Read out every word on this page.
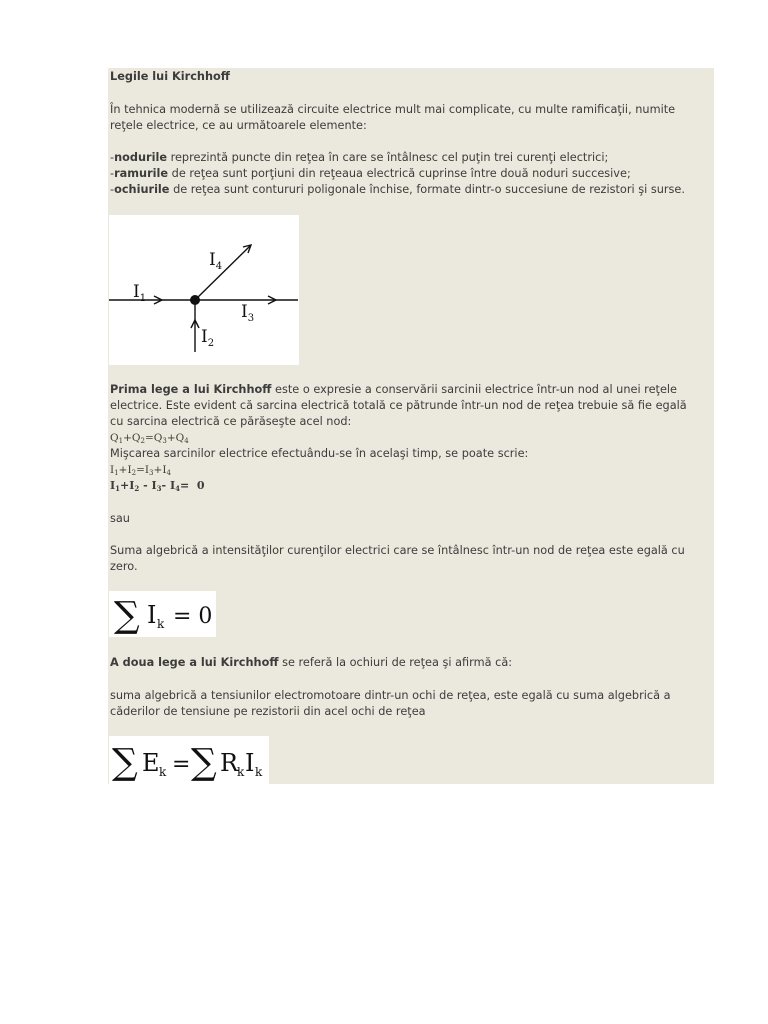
Legile lui Kirchhoff
În tehnica modernă se utilizează circuite electrice mult mai complicate, cu multe ramificaţii, numite
reţele electrice, ce au următoarele elemente:
-nodurile reprezintă puncte din reţea în care se întâlnesc cel puţin trei curenţi electrici;
-ramurile de reţea sunt porţiuni din reţeaua electrică cuprinse între două noduri succesive;
-ochiurile de reţea sunt contururi poligonale închise, formate dintr-o succesiune de rezistori şi surse.
$I_1$
$I_4$
$I_3$
$I_2$
Prima lege a lui Kirchhoff este o expresie a conservării sarcinii electrice într-un nod al unei reţele
electrice. Este evident că sarcina electrică totală ce pătrunde într-un nod de reţea trebuie să fie egală
cu sarcina electrică ce părăseşte acel nod:
$Q_1+Q_2=Q_3+Q_4$
Mişcarea sarcinilor electrice efectuându-se în acelaşi timp, se poate scrie:
$I_1+I_2=I_3+I_4$
$I_1+I_2 - I_3-$ $I_4= 0$
sau
Suma algebrică a intensităţilor curenţilor electrici care se întâlnesc într-un nod de reţea este egală cu
zero.
∑ I k = 0
A doua lege a lui Kirchhoff se referă la ochiuri de reţea şi afirmă că:
suma algebrică a tensiunilor electromotoare dintr-un ochi de reţea, este egală cu suma algebrică a
căderilor de tensiune pe rezistorii din acel ochi de reţea
∑ E k = ∑ R
k I k
